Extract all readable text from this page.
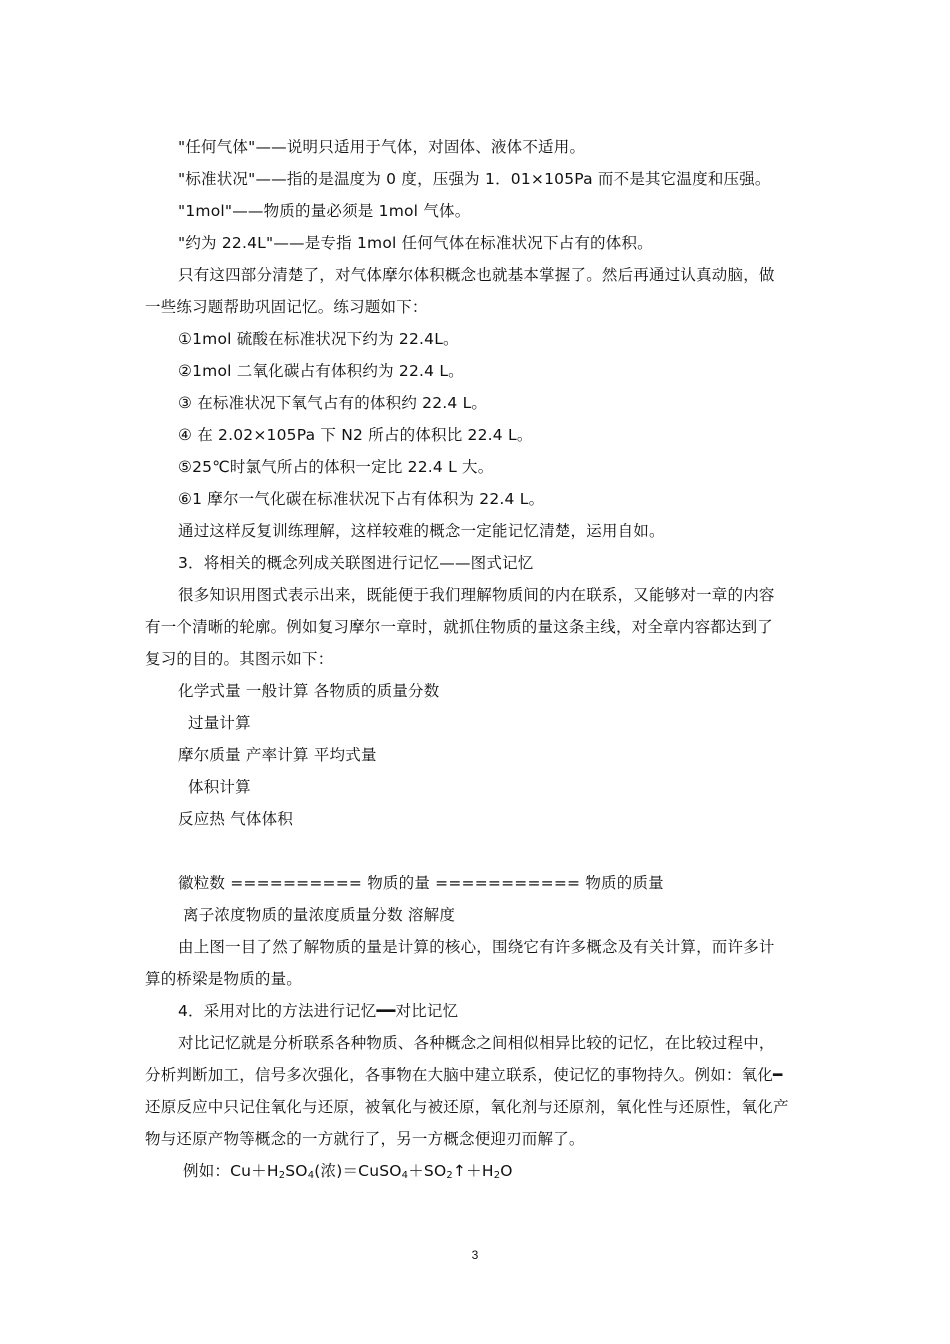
"任何气体"——说明只适用于气体，对固体、液体不适用。
"标准状况"——指的是温度为 0 度，压强为 1．01×105Pa 而不是其它温度和压强。
"1mol"——物质的量必须是 1mol 气体。
"约为 22.4L"——是专指 1mol 任何气体在标准状况下占有的体积。
只有这四部分清楚了，对气体摩尔体积概念也就基本掌握了。然后再通过认真动脑，做
一些练习题帮助巩固记忆。练习题如下：
①1mol 硫酸在标准状况下约为 22.4L。
②1mol 二氧化碳占有体积约为 22.4 L。
③ 在标准状况下氧气占有的体积约 22.4 L。
④ 在 2.02×105Pa 下 N2 所占的体积比 22.4 L。
⑤25℃时氯气所占的体积一定比 22.4 L 大。
⑥1 摩尔一气化碳在标准状况下占有体积为 22.4 L。
通过这样反复训练理解，这样较难的概念一定能记忆清楚，运用自如。
3．将相关的概念列成关联图进行记忆——图式记忆
很多知识用图式表示出来，既能便于我们理解物质间的内在联系，又能够对一章的内容
有一个清晰的轮廓。例如复习摩尔一章时，就抓住物质的量这条主线，对全章内容都达到了
复习的目的。其图示如下：
化学式量 一般计算 各物质的质量分数
过量计算
摩尔质量 产率计算 平均式量
体积计算
反应热 气体体积
徽粒数 ========== 物质的量 =========== 物质的质量
离子浓度物质的量浓度质量分数 溶解度
由上图一目了然了解物质的量是计算的核心，围绕它有许多概念及有关计算，而许多计
算的桥梁是物质的量。
4．采用对比的方法进行记忆━━对比记忆
对比记忆就是分析联系各种物质、各种概念之间相似相异比较的记忆，在比较过程中，
分析判断加工，信号多次强化，各事物在大脑中建立联系，使记忆的事物持久。例如：氧化━
还原反应中只记住氧化与还原，被氧化与被还原，氧化剂与还原剂，氧化性与还原性，氧化产
物与还原产物等概念的一方就行了，另一方概念便迎刃而解了。
例如：$Cu+H_2SO_4$(浓)$=CuSO_4+SO_2↑+H_2O$
3
